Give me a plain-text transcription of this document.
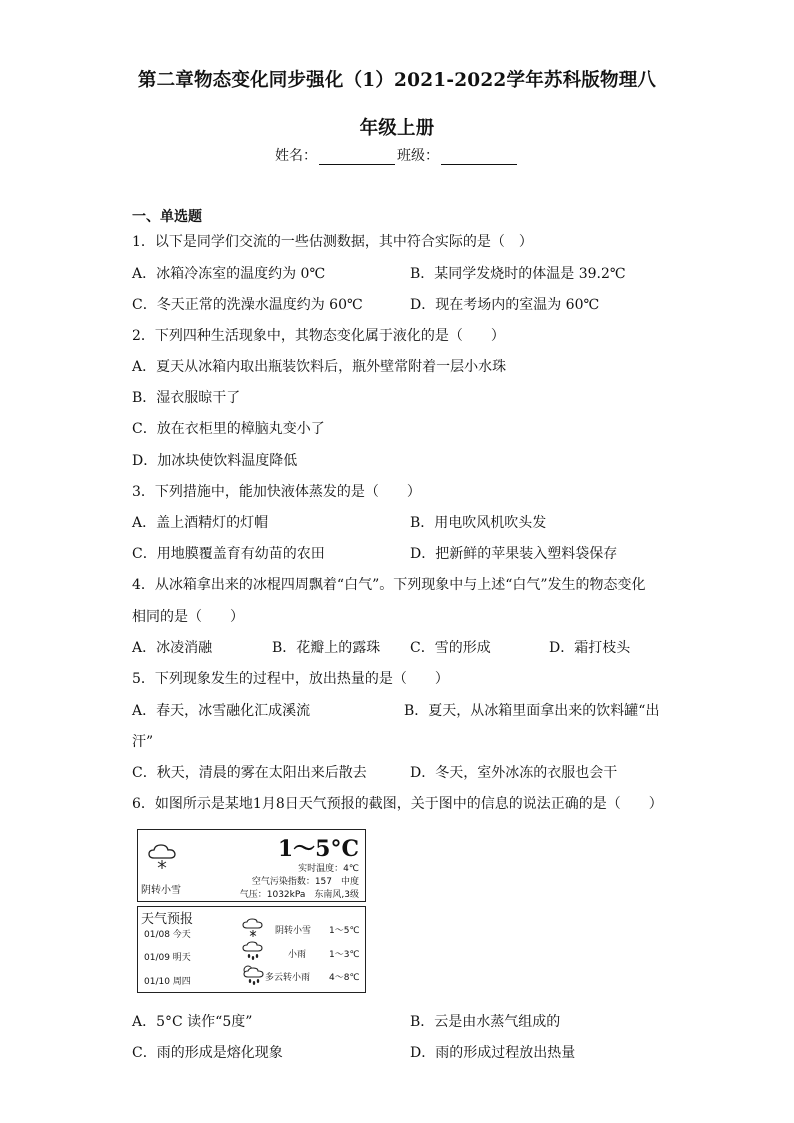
第二章物态变化同步强化（1）2021-2022学年苏科版物理八
年级上册
姓名：	班级：
一、单选题
1．以下是同学们交流的一些估测数据，其中符合实际的是（　）
A．冰箱冷冻室的温度约为 0℃	B．某同学发烧时的体温是 39.2℃
C．冬天正常的洗澡水温度约为 60℃	D．现在考场内的室温为 60℃
2．下列四种生活现象中，其物态变化属于液化的是（　　）
A．夏天从冰箱内取出瓶装饮料后，瓶外壁常附着一层小水珠
B．湿衣服晾干了
C．放在衣柜里的樟脑丸变小了
D．加冰块使饮料温度降低
3．下列措施中，能加快液体蒸发的是（　　）
A．盖上酒精灯的灯帽	B．用电吹风机吹头发
C．用地膜覆盖育有幼苗的农田	D．把新鲜的苹果装入塑料袋保存
4．从冰箱拿出来的冰棍四周飘着“白气”。下列现象中与上述“白气”发生的物态变化
相同的是（　　）
A．冰凌消融	B．花瓣上的露珠 C．雪的形成	D．霜打枝头
5．下列现象发生的过程中，放出热量的是（　　）
A．春天，冰雪融化汇成溪流	B．夏天，从冰箱里面拿出来的饮料罐“出
汗”
C．秋天，清晨的雾在太阳出来后散去	D．冬天，室外冰冻的衣服也会干
6．如图所示是某地1月8日天气预报的截图，关于图中的信息的说法正确的是（　　）
阴转小雪
1～5°C
实时温度：4℃
空气污染指数：157　中度
气压：1032kPa　东南风,3级
天气预报
01/08 今天	阴转小雪 1～5℃
01/09 明天	小雨	1～3℃
01/10 周四	多云转小雨 4～8℃
A．5°C 读作“5度”	B．云是由水蒸气组成的
C．雨的形成是熔化现象	D．雨的形成过程放出热量
